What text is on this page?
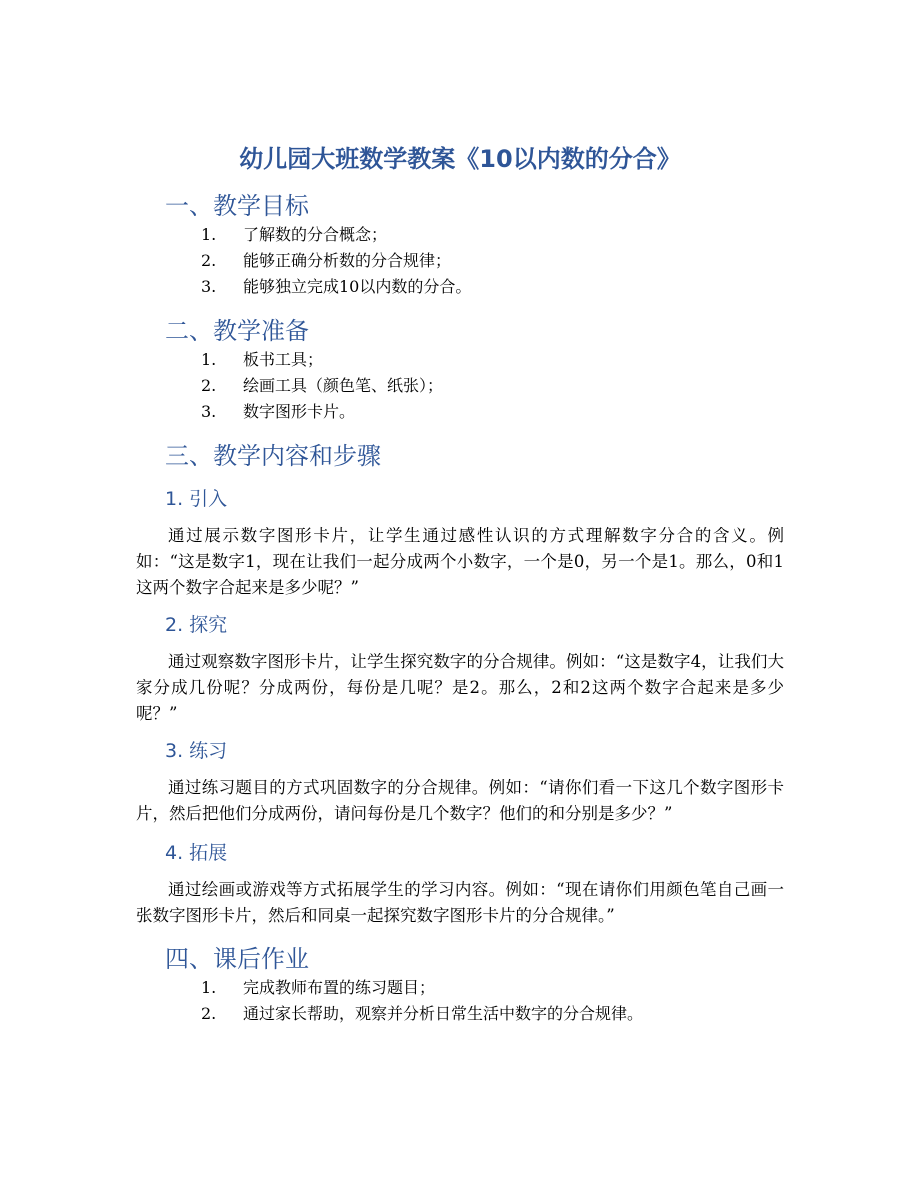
幼儿园大班数学教案《10以内数的分合》
一、教学目标
1. 了解数的分合概念；
2. 能够正确分析数的分合规律；
3. 能够独立完成10以内数的分合。
二、教学准备
1. 板书工具；
2. 绘画工具（颜色笔、纸张）；
3. 数字图形卡片。
三、教学内容和步骤
1. 引入

通过展示数字图形卡片，让学生通过感性认识的方式理解数字分合的含义。例如：“这是数字1，现在让我们一起分成两个小数字，一个是0，另一个是1。那么，0和1这两个数字合起来是多少呢？”

2. 探究

通过观察数字图形卡片，让学生探究数字的分合规律。例如：“这是数字4，让我们大家分成几份呢？分成两份，每份是几呢？是2。那么，2和2这两个数字合起来是多少呢？”

3. 练习

通过练习题目的方式巩固数字的分合规律。例如：“请你们看一下这几个数字图形卡片，然后把他们分成两份，请问每份是几个数字？他们的和分别是多少？”

4. 拓展

通过绘画或游戏等方式拓展学生的学习内容。例如：“现在请你们用颜色笔自己画一张数字图形卡片，然后和同桌一起探究数字图形卡片的分合规律。”

四、课后作业
1. 完成教师布置的练习题目；
2. 通过家长帮助，观察并分析日常生活中数字的分合规律。
